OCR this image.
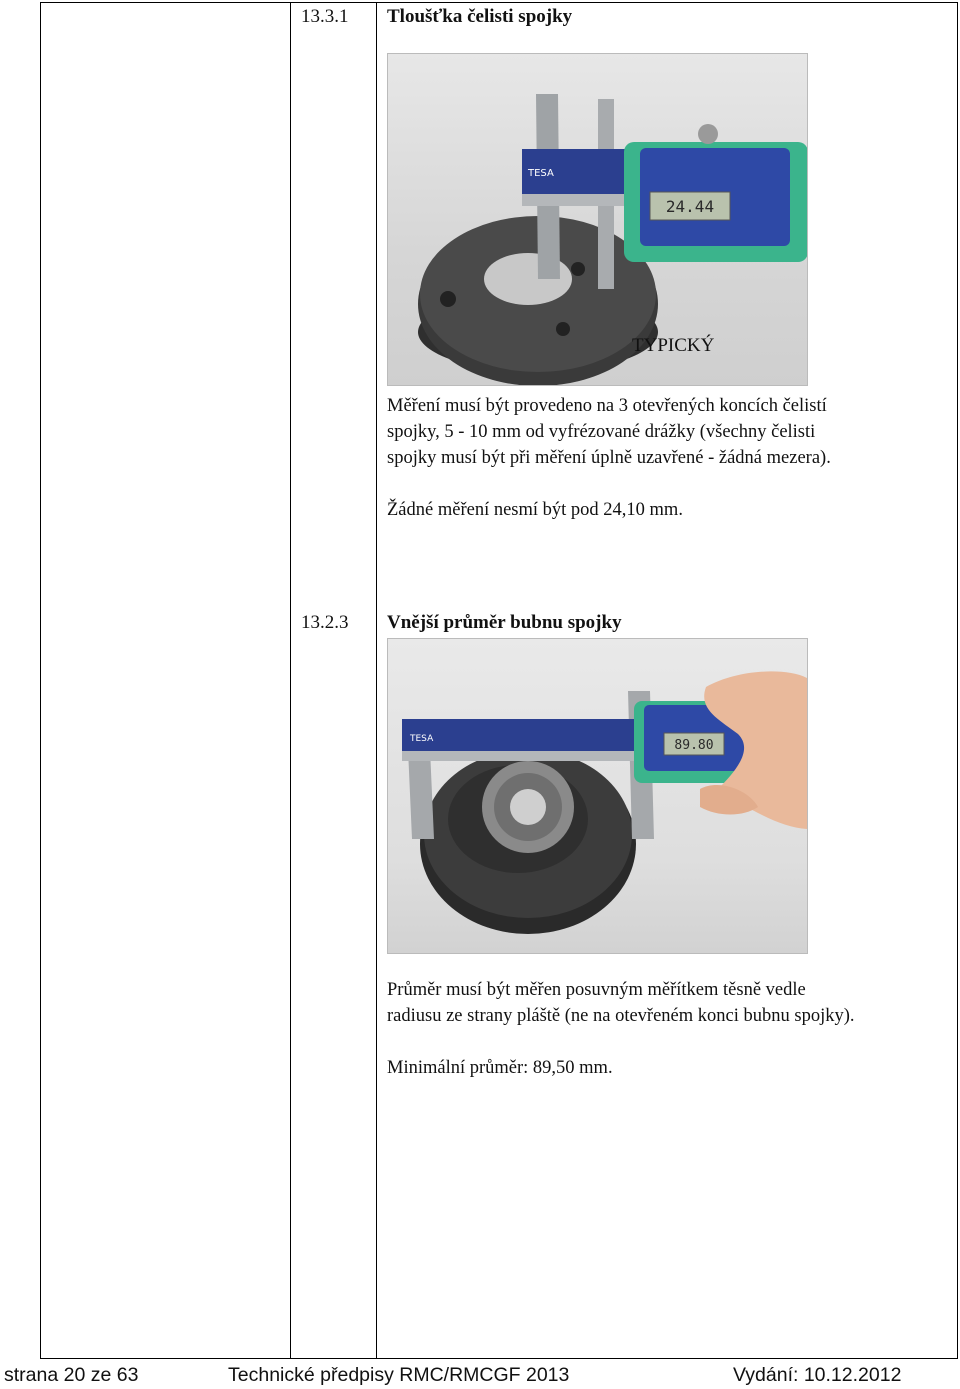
13.3.1 Tloušťka čelisti spojky
TESA
24.44
TYPICKÝ
Měření musí být provedeno na 3 otevřených koncích čelistí
spojky, 5 - 10 mm od vyfrézované drážky (všechny čelisti
spojky musí být při měření úplně uzavřené - žádná mezera).
Žádné měření nesmí být pod 24,10 mm.
13.2.3 Vnější průměr bubnu spojky
TESA	89.80
Průměr musí být měřen posuvným měřítkem těsně vedle
radiusu ze strany pláště (ne na otevřeném konci bubnu spojky).
Minimální průměr: 89,50 mm.
strana 20 ze 63	Technické předpisy RMC/RMCGF 2013	Vydání: 10.12.2012
